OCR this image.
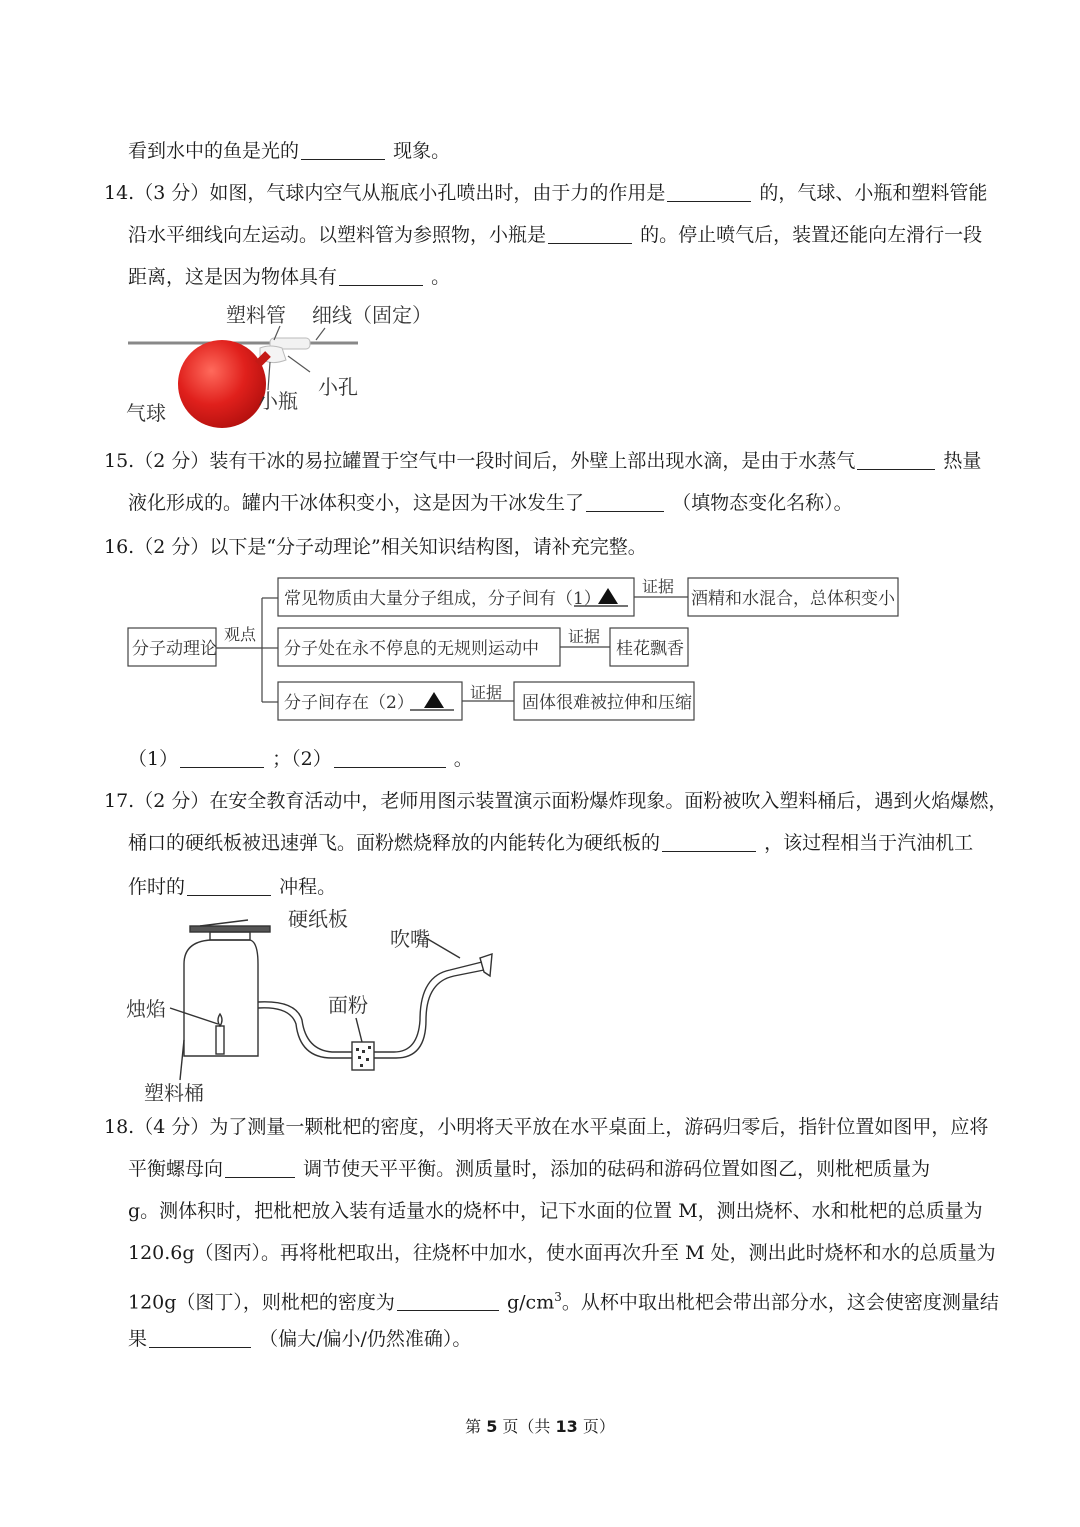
看到水中的鱼是光的	现象。
14.（3 分）如图，气球内空气从瓶底小孔喷出时，由于力的作用是	的，气球、小瓶和塑料管能
沿水平细线向左运动。以塑料管为参照物，小瓶是	的。停止喷气后，装置还能向左滑行一段
距离，这是因为物体具有	。
塑料管 细线（固定）
小孔
小瓶
气球
15.（2 分）装有干冰的易拉罐置于空气中一段时间后，外壁上部出现水滴，是由于水蒸气	热量
液化形成的。罐内干冰体积变小，这是因为干冰发生了	（填物态变化名称）。
16.（2 分）以下是“分子动理论”相关知识结构图，请补充完整。
分子动理论
观点
常见物质由大量分子组成，分子间有（1）
分子处在永不停息的无规则运动中
分子间存在（2）
证据
证据
证据
酒精和水混合，总体积变小
桂花飘香
固体很难被拉伸和压缩
（1）	；（2）	。
17.（2 分）在安全教育活动中，老师用图示装置演示面粉爆炸现象。面粉被吹入塑料桶后，遇到火焰爆燃，
桶口的硬纸板被迅速弹飞。面粉燃烧释放的内能转化为硬纸板的	，该过程相当于汽油机工
作时的	冲程。
硬纸板
吹嘴
烛焰	面粉
塑料桶
18.（4 分）为了测量一颗枇杷的密度，小明将天平放在水平桌面上，游码归零后，指针位置如图甲，应将
平衡螺母向	调节使天平平衡。测质量时，添加的砝码和游码位置如图乙，则枇杷质量为
g。测体积时，把枇杷放入装有适量水的烧杯中，记下水面的位置 M，测出烧杯、水和枇杷的总质量为
120.6g（图丙）。再将枇杷取出，往烧杯中加水，使水面再次升至 M 处，测出此时烧杯和水的总质量为
120g（图丁），则枇杷的密度为	$g/cm^3$。从杯中取出枇杷会带出部分水，这会使密度测量结
果	（偏大/偏小/仍然准确）。
第 5 页（共 13 页）
